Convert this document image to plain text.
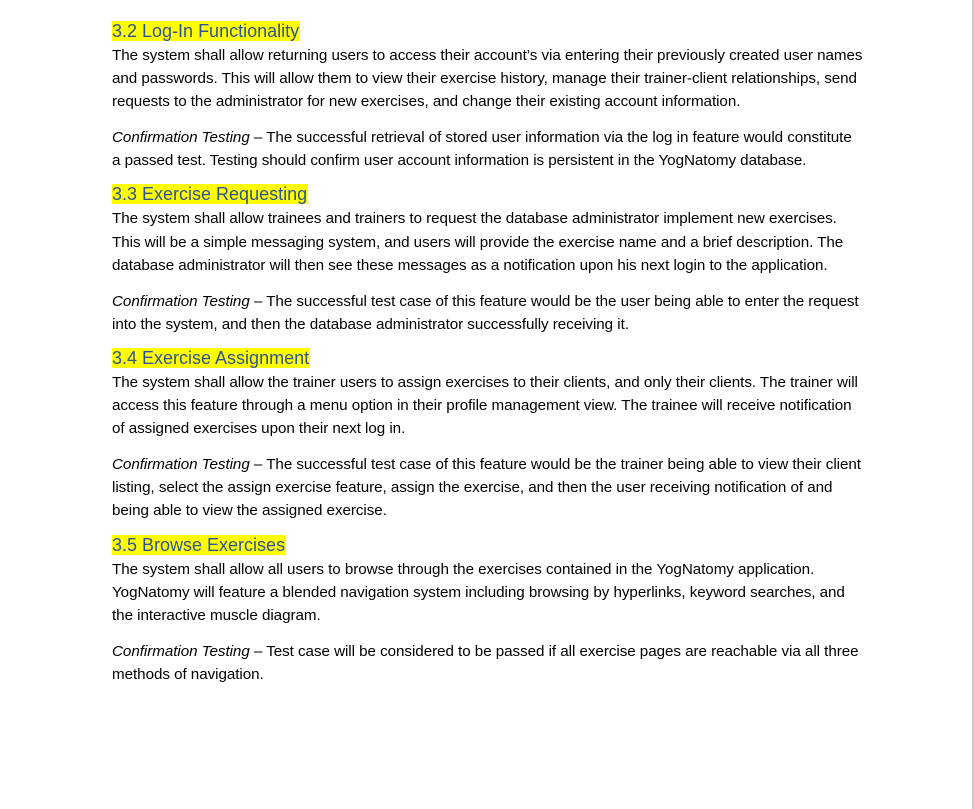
3.2 Log-In Functionality

The system shall allow returning users to access their account’s via entering their previously created user names and passwords. This will allow them to view their exercise history, manage their trainer-client relationships, send requests to the administrator for new exercises, and change their existing account information.

Confirmation Testing – The successful retrieval of stored user information via the log in feature would constitute a passed test. Testing should confirm user account information is persistent in the YogNatomy database.

3.3 Exercise Requesting

The system shall allow trainees and trainers to request the database administrator implement new exercises. This will be a simple messaging system, and users will provide the exercise name and a brief description. The database administrator will then see these messages as a notification upon his next login to the application.

Confirmation Testing – The successful test case of this feature would be the user being able to enter the request into the system, and then the database administrator successfully receiving it.

3.4 Exercise Assignment

The system shall allow the trainer users to assign exercises to their clients, and only their clients. The trainer will access this feature through a menu option in their profile management view. The trainee will receive notification of assigned exercises upon their next log in.

Confirmation Testing – The successful test case of this feature would be the trainer being able to view their client listing, select the assign exercise feature, assign the exercise, and then the user receiving notification of and being able to view the assigned exercise.

3.5 Browse Exercises

The system shall allow all users to browse through the exercises contained in the YogNatomy application. YogNatomy will feature a blended navigation system including browsing by hyperlinks, keyword searches, and the interactive muscle diagram.

Confirmation Testing – Test case will be considered to be passed if all exercise pages are reachable via all three methods of navigation.
